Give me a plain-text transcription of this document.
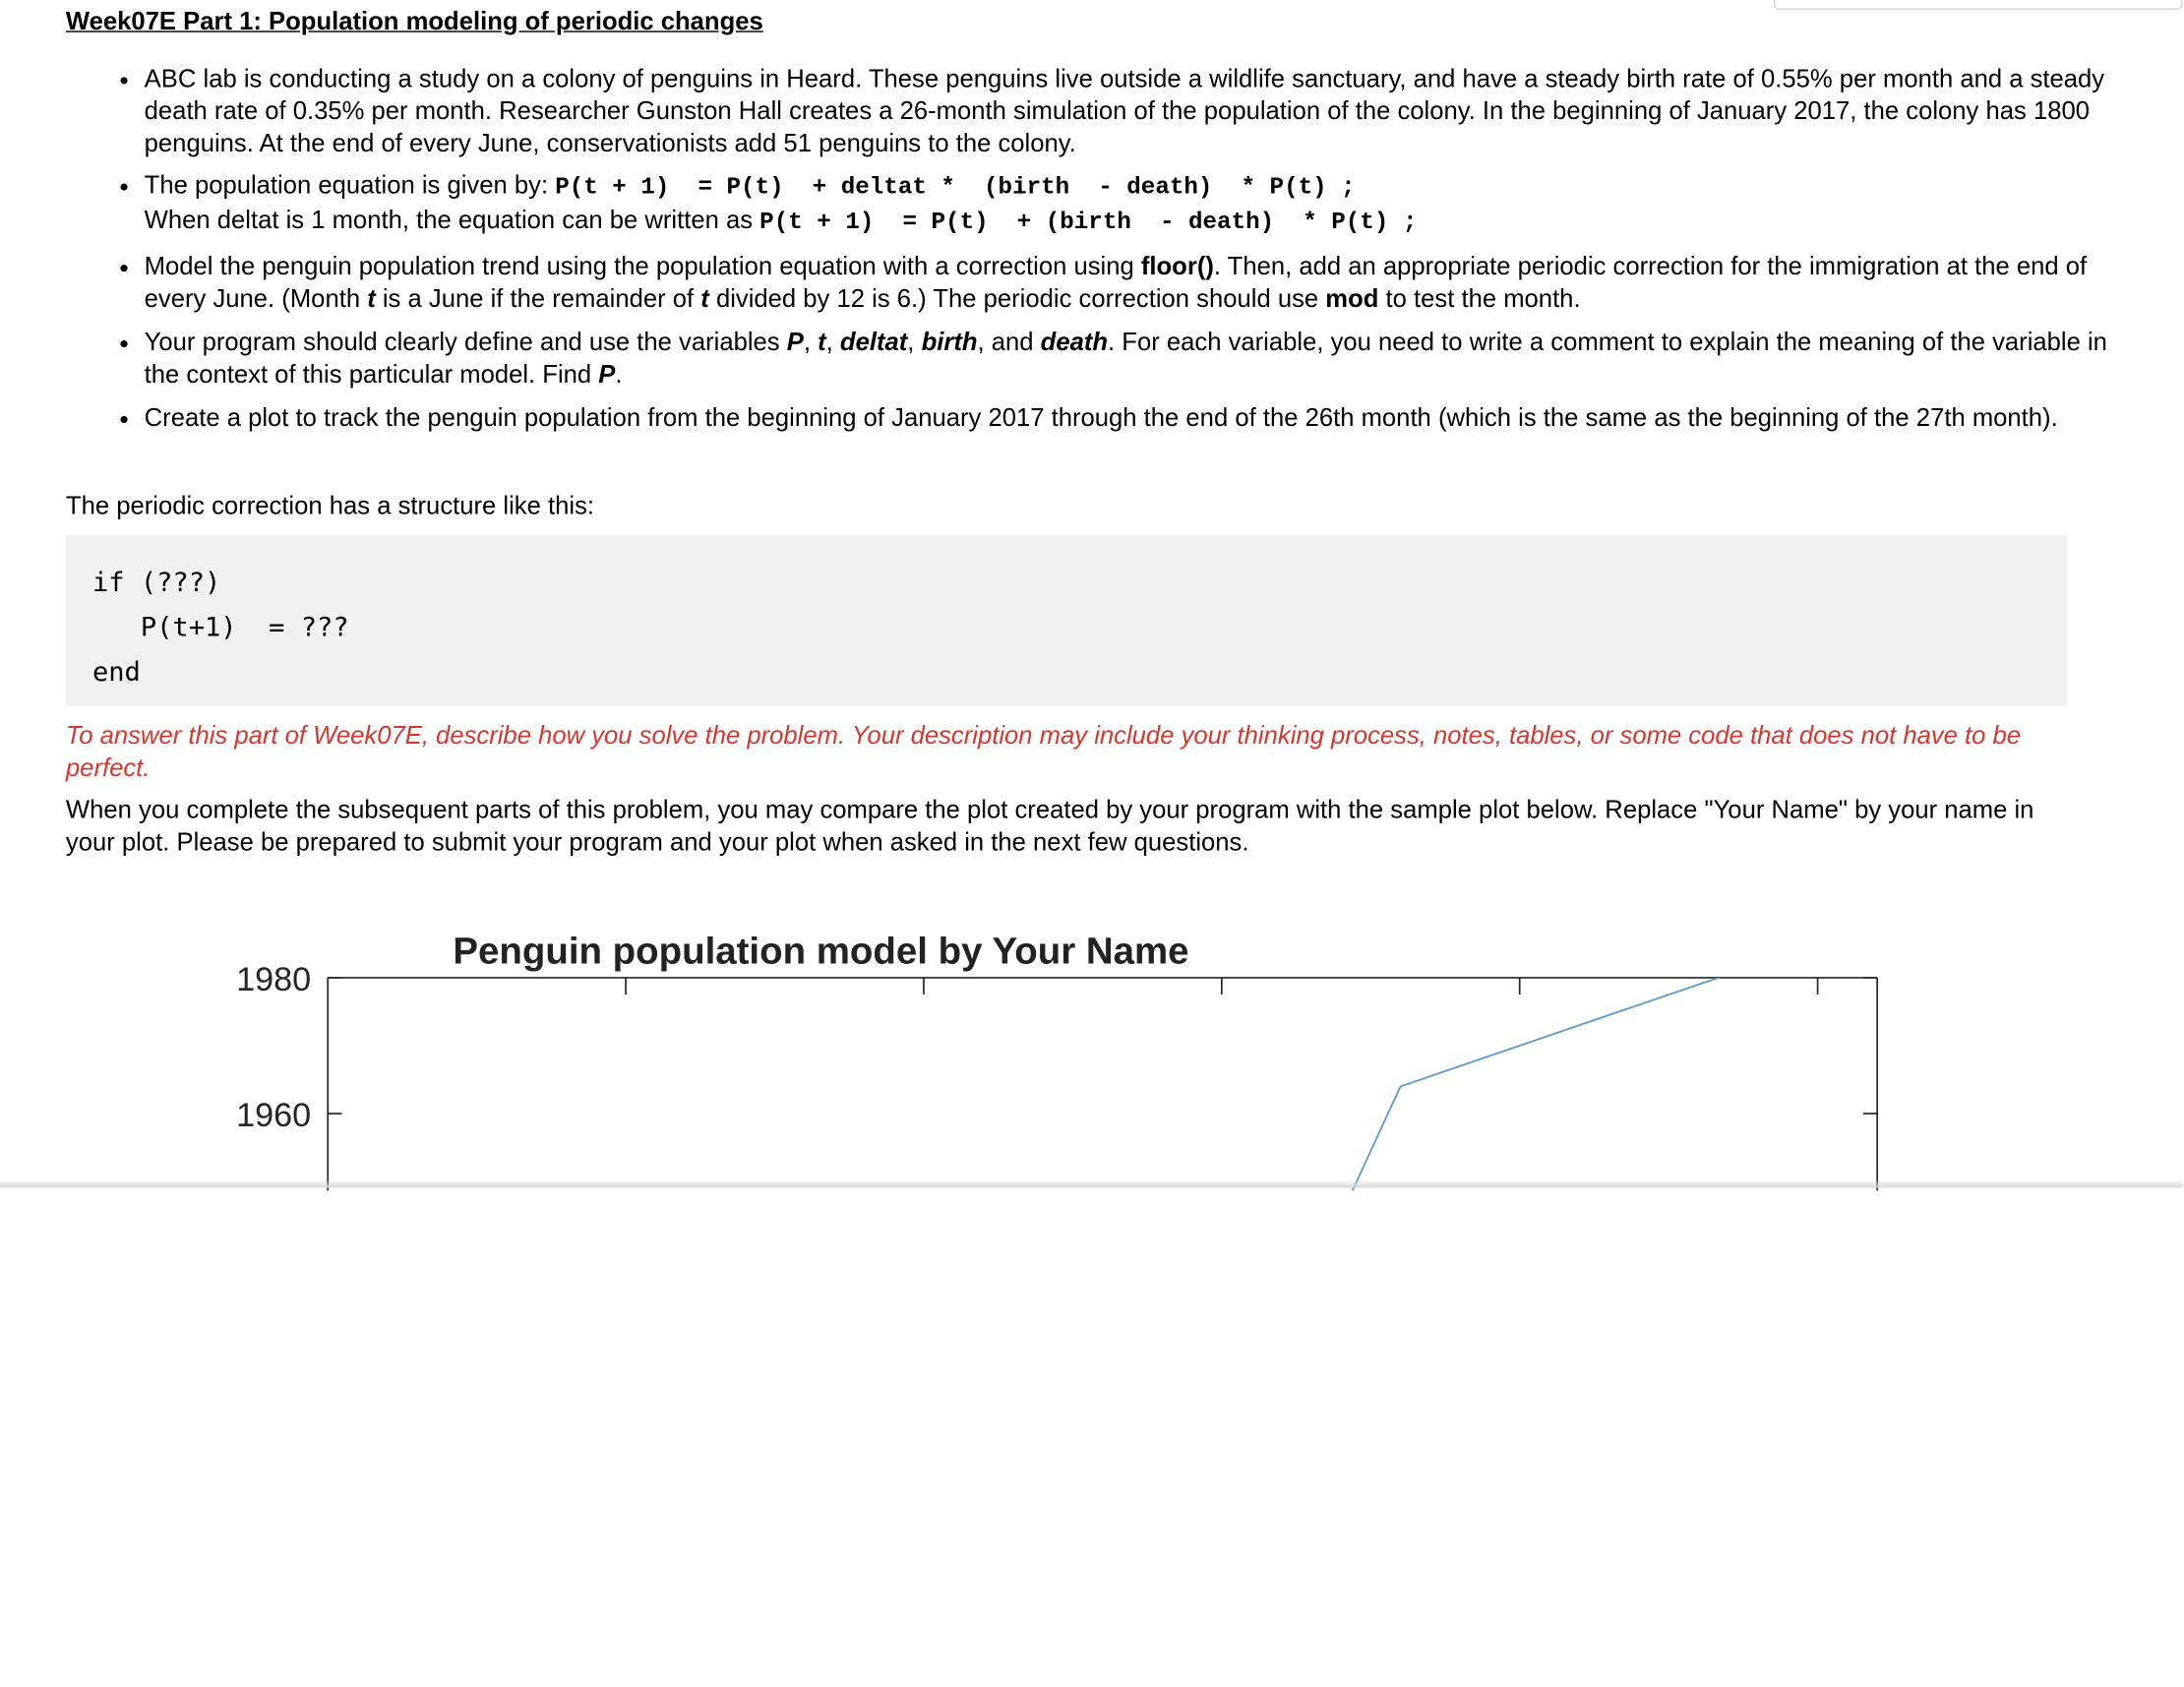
Week07E Part 1: Population modeling of periodic changes
• ABC lab is conducting a study on a colony of penguins in Heard. These penguins live outside a wildlife sanctuary, and have a steady birth rate of 0.55% per month and a steady death rate of 0.35% per month. Researcher Gunston Hall creates a 26-month simulation of the population of the colony. In the beginning of January 2017, the colony has 1800 penguins. At the end of every June, conservationists add 51 penguins to the colony.
• The population equation is given by: P(t + 1)  = P(t)  + deltat *  (birth  - death)  * P(t) ;
When deltat is 1 month, the equation can be written as P(t + 1)  = P(t)  + (birth  - death)  * P(t) ;
• Model the penguin population trend using the population equation with a correction using floor(). Then, add an appropriate periodic correction for the immigration at the end of every June. (Month t is a June if the remainder of t divided by 12 is 6.) The periodic correction should use mod to test the month.
• Your program should clearly define and use the variables P, t, deltat, birth, and death. For each variable, you need to write a comment to explain the meaning of the variable in the context of this particular model. Find P.
• Create a plot to track the penguin population from the beginning of January 2017 through the end of the 26th month (which is the same as the beginning of the 27th month).

The periodic correction has a structure like this:

if (???)
P(t+1)  = ???
end

To answer this part of Week07E, describe how you solve the problem. Your description may include your thinking process, notes, tables, or some code that does not have to be perfect.

When you complete the subsequent parts of this problem, you may compare the plot created by your program with the sample plot below. Replace "Your Name" by your name in your plot. Please be prepared to submit your program and your plot when asked in the next few questions.

Penguin population model by Your Name
1960
1980
